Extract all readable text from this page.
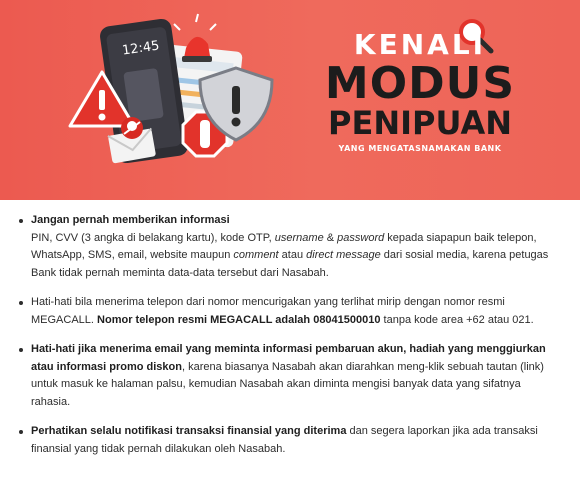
12:45	KENALI
MODUS
PENIPUAN
YANG MENGATASNAMAKAN BANK
Jangan pernah memberikan informasi
PIN, CVV (3 angka di belakang kartu), kode OTP, username & password kepada siapapun baik telepon, WhatsApp, SMS, email, website maupun comment atau direct message dari sosial media, karena petugas Bank tidak pernah meminta data-data tersebut dari Nasabah.
Hati-hati bila menerima telepon dari nomor mencurigakan yang terlihat mirip dengan nomor resmi MEGACALL. Nomor telepon resmi MEGACALL adalah 08041500010 tanpa kode area +62 atau 021.
Hati-hati jika menerima email yang meminta informasi pembaruan akun, hadiah yang menggiurkan atau informasi promo diskon, karena biasanya Nasabah akan diarahkan meng-klik sebuah tautan (link) untuk masuk ke halaman palsu, kemudian Nasabah akan diminta mengisi banyak data yang sifatnya rahasia.
Perhatikan selalu notifikasi transaksi finansial yang diterima dan segera laporkan jika ada transaksi finansial yang tidak pernah dilakukan oleh Nasabah.
